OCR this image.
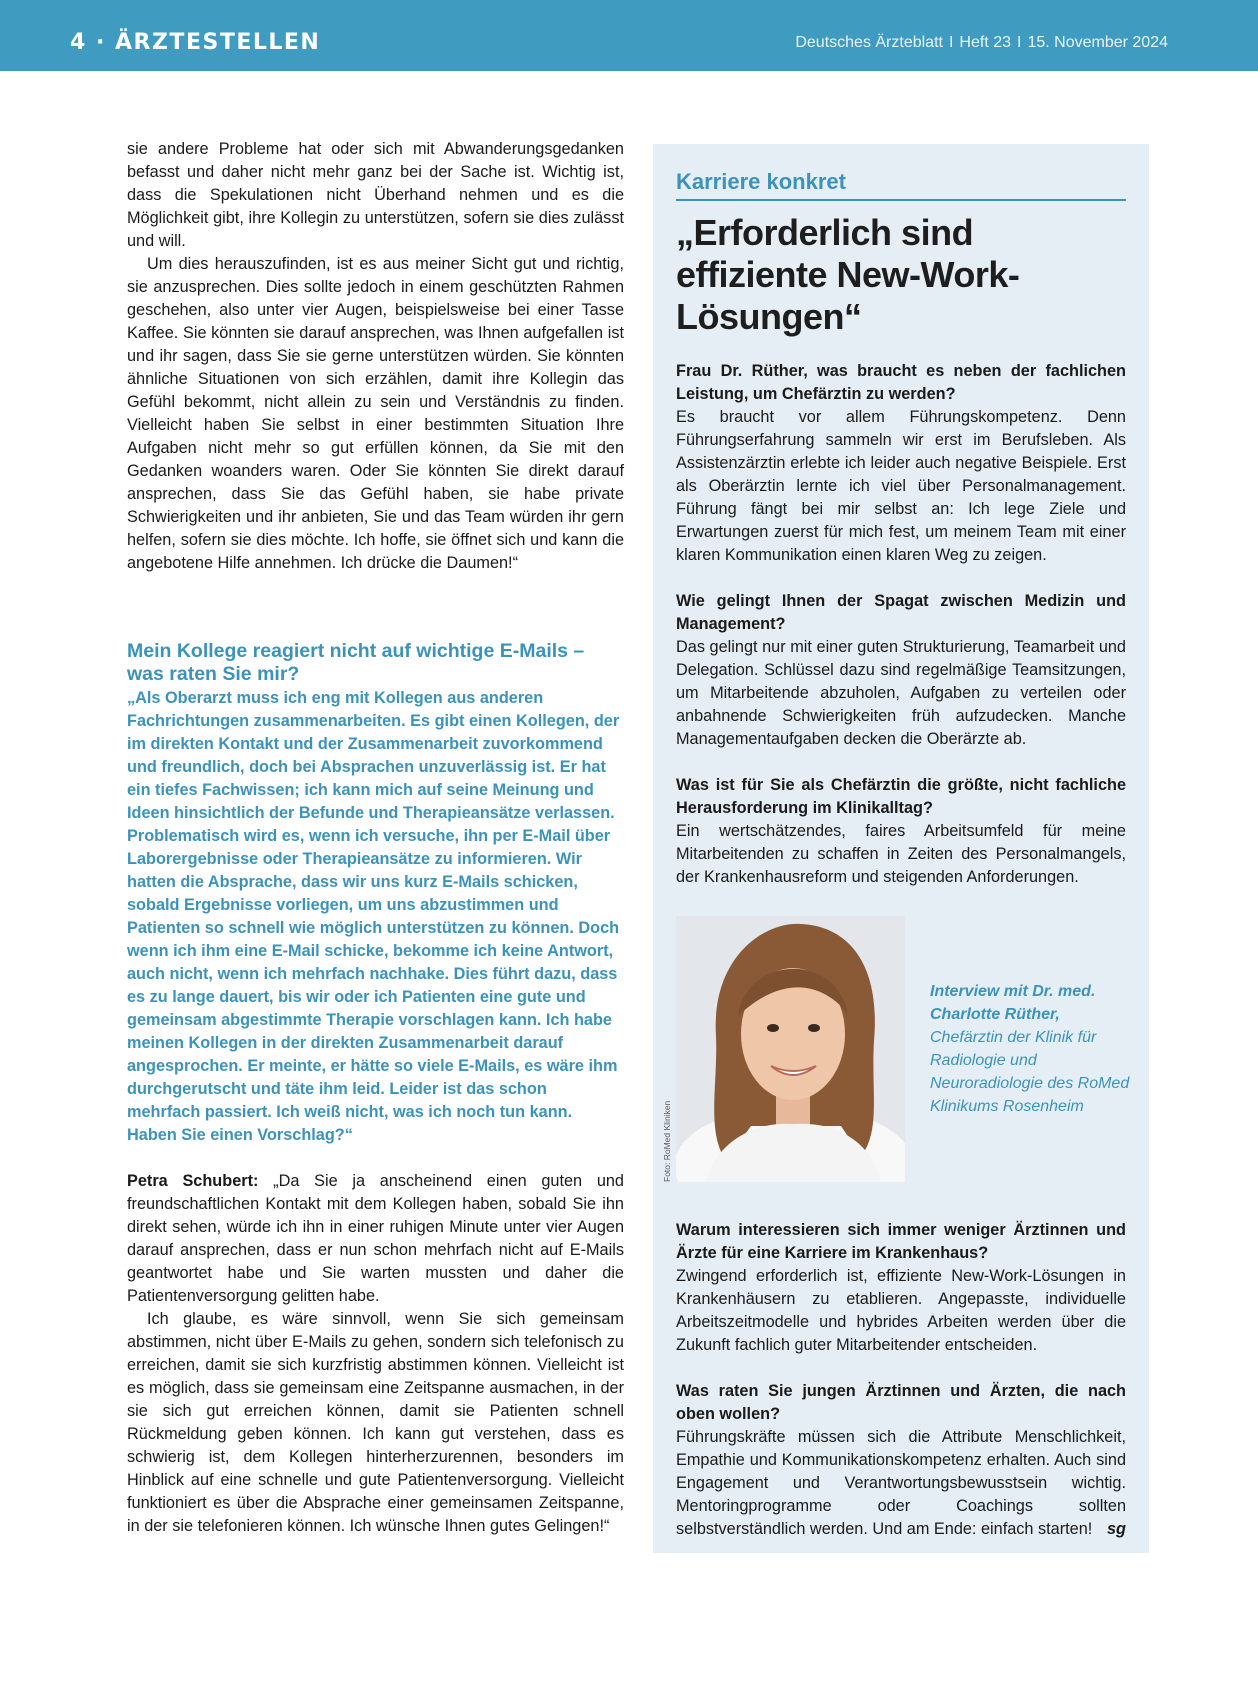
4 · ÄRZTESTELLEN	Deutsches Ärzteblatt I Heft 23 I 15. November 2024

sie andere Probleme hat oder sich mit Abwanderungsgedanken befasst und daher nicht mehr ganz bei der Sache ist. Wichtig ist, dass die Spekulationen nicht Überhand nehmen und es die Möglichkeit gibt, ihre Kollegin zu unterstützen, sofern sie dies zulässt und will.

Um dies herauszufinden, ist es aus meiner Sicht gut und richtig, sie anzusprechen. Dies sollte jedoch in einem geschützten Rahmen geschehen, also unter vier Augen, beispielsweise bei einer Tasse Kaffee. Sie könnten sie darauf ansprechen, was Ihnen aufgefallen ist und ihr sagen, dass Sie sie gerne unterstützen würden. Sie könnten ähnliche Situationen von sich erzählen, damit ihre Kollegin das Gefühl bekommt, nicht allein zu sein und Verständnis zu finden. Vielleicht haben Sie selbst in einer bestimmten Situation Ihre Aufgaben nicht mehr so gut erfüllen können, da Sie mit den Gedanken woanders waren. Oder Sie könnten Sie direkt darauf ansprechen, dass Sie das Gefühl haben, sie habe private Schwierigkeiten und ihr anbieten, Sie und das Team würden ihr gern helfen, sofern sie dies möchte. Ich hoffe, sie öffnet sich und kann die angebotene Hilfe annehmen. Ich drücke die Daumen!“

Mein Kollege reagiert nicht auf wichtige E-Mails – was raten Sie mir?
„Als Oberarzt muss ich eng mit Kollegen aus anderen Fachrichtungen zusammenarbeiten. Es gibt einen Kollegen, der im direkten Kontakt und der Zusammenarbeit zuvorkommend und freundlich, doch bei Absprachen unzuverlässig ist. Er hat ein tiefes Fachwissen; ich kann mich auf seine Meinung und Ideen hinsichtlich der Befunde und Therapieansätze verlassen. Problematisch wird es, wenn ich versuche, ihn per E-Mail über Laborergebnisse oder Therapieansätze zu informieren. Wir hatten die Absprache, dass wir uns kurz E-Mails schicken, sobald Ergebnisse vorliegen, um uns abzustimmen und Patienten so schnell wie möglich unterstützen zu können. Doch wenn ich ihm eine E-Mail schicke, bekomme ich keine Antwort, auch nicht, wenn ich mehrfach nachhake. Dies führt dazu, dass es zu lange dauert, bis wir oder ich Patienten eine gute und gemeinsam abgestimmte Therapie vorschlagen kann. Ich habe meinen Kollegen in der direkten Zusammenarbeit darauf angesprochen. Er meinte, er hätte so viele E-Mails, es wäre ihm durchgerutscht und täte ihm leid. Leider ist das schon mehrfach passiert. Ich weiß nicht, was ich noch tun kann. Haben Sie einen Vorschlag?“

Petra Schubert: „Da Sie ja anscheinend einen guten und freundschaftlichen Kontakt mit dem Kollegen haben, sobald Sie ihn direkt sehen, würde ich ihn in einer ruhigen Minute unter vier Augen darauf ansprechen, dass er nun schon mehrfach nicht auf E-Mails geantwortet habe und Sie warten mussten und daher die Patientenversorgung gelitten habe.

Ich glaube, es wäre sinnvoll, wenn Sie sich gemeinsam abstimmen, nicht über E-Mails zu gehen, sondern sich telefonisch zu erreichen, damit sie sich kurzfristig abstimmen können. Vielleicht ist es möglich, dass sie gemeinsam eine Zeitspanne ausmachen, in der sie sich gut erreichen können, damit sie Patienten schnell Rückmeldung geben können. Ich kann gut verstehen, dass es schwierig ist, dem Kollegen hinterherzurennen, besonders im Hinblick auf eine schnelle und gute Patientenversorgung. Vielleicht funktioniert es über die Absprache einer gemeinsamen Zeitspanne, in der sie telefonieren können. Ich wünsche Ihnen gutes Gelingen!“

Karriere konkret
„Erforderlich sind effiziente New-Work-Lösungen“
Frau Dr. Rüther, was braucht es neben der fachlichen Leistung, um Chefärztin zu werden?
Es braucht vor allem Führungskompetenz. Denn Führungserfahrung sammeln wir erst im Berufsleben. Als Assistenzärztin erlebte ich leider auch negative Beispiele. Erst als Oberärztin lernte ich viel über Personalmanagement. Führung fängt bei mir selbst an: Ich lege Ziele und Erwartungen zuerst für mich fest, um meinem Team mit einer klaren Kommunikation einen klaren Weg zu zeigen.
Wie gelingt Ihnen der Spagat zwischen Medizin und Management?
Das gelingt nur mit einer guten Strukturierung, Teamarbeit und Delegation. Schlüssel dazu sind regelmäßige Teamsitzungen, um Mitarbeitende abzuholen, Aufgaben zu verteilen oder anbahnende Schwierigkeiten früh aufzudecken. Manche Managementaufgaben decken die Oberärzte ab.
Was ist für Sie als Chefärztin die größte, nicht fachliche Herausforderung im Klinikalltag?
Ein wertschätzendes, faires Arbeitsumfeld für meine Mitarbeitenden zu schaffen in Zeiten des Personalmangels, der Krankenhausreform und steigenden Anforderungen.
Foto: RoMed Kliniken
Interview mit Dr. med. Charlotte Rüther, Chefärztin der Klinik für Radiologie und Neuroradiologie des RoMed Klinikums Rosenheim
Warum interessieren sich immer weniger Ärztinnen und Ärzte für eine Karriere im Krankenhaus?
Zwingend erforderlich ist, effiziente New-Work-Lösungen in Krankenhäusern zu etablieren. Angepasste, individuelle Arbeitszeitmodelle und hybrides Arbeiten werden über die Zukunft fachlich guter Mitarbeitender entscheiden.
Was raten Sie jungen Ärztinnen und Ärzten, die nach oben wollen?
Führungskräfte müssen sich die Attribute Menschlichkeit, Empathie und Kommunikationskompetenz erhalten. Auch sind Engagement und Verantwortungsbewusstsein wichtig. Mentoringprogramme oder Coachings sollten selbstverständlich werden. Und am Ende: einfach starten! sg
